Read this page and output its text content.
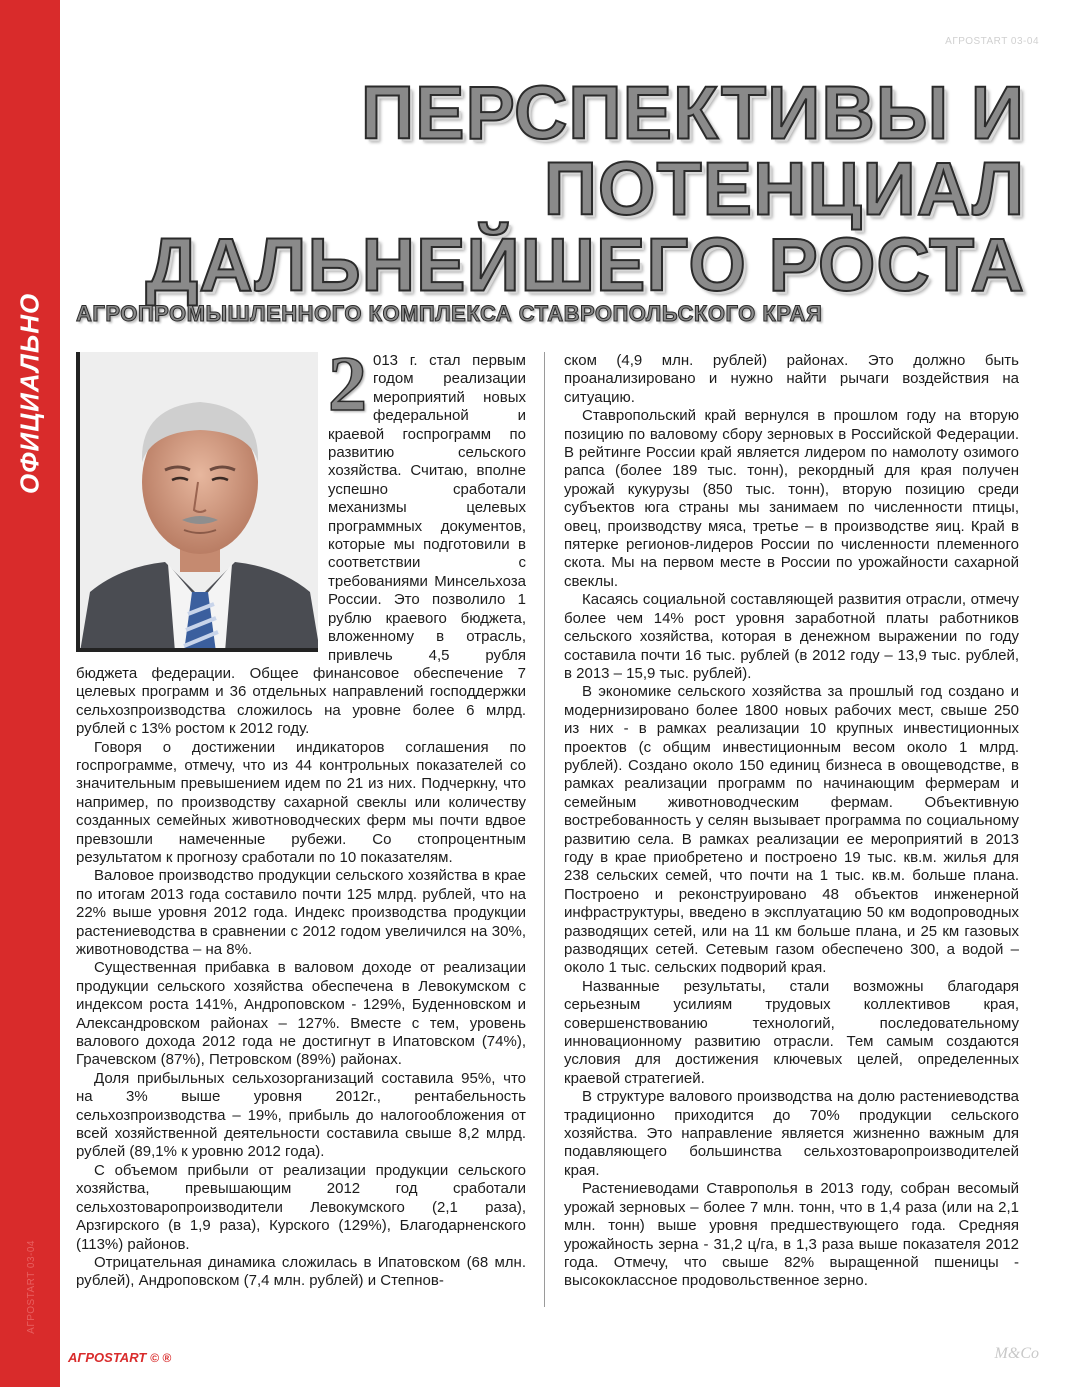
ОФИЦИАЛЬНО
АГРОSTART 03-04
АГРОSTART 03-04
ПЕРСПЕКТИВЫ И
ПОТЕНЦИАЛ
ДАЛЬНЕЙШЕГО РОСТА
АГРОПРОМЫШЛЕННОГО КОМПЛЕКСА СТАВРОПОЛЬСКОГО КРАЯ
2 013 г. стал первым годом реализации мероприятий новых федеральной и краевой госпрограмм по развитию сельского хозяйства. Считаю, вполне успешно сработали механизмы целевых программных документов, которые мы подготовили в соответствии с требованиями Минсельхоза России. Это позволило 1 рублю краевого бюджета, вложенному в отрасль, привлечь 4,5 рубля бюджета федерации. Общее финансовое обеспечение 7 целевых программ и 36 отдельных направлений господдержки сельхозпроизводства сложилось на уровне более 6 млрд. рублей с 13% ростом к 2012 году.

Говоря о достижении индикаторов соглашения по госпрограмме, отмечу, что из 44 контрольных показателей со значительным превышением идем по 21 из них. Подчеркну, что например, по производству сахарной свеклы или количеству созданных семейных животноводческих ферм мы почти вдвое превзошли намеченные рубежи. Со стопроцентным результатом к прогнозу сработали по 10 показателям.

Валовое производство продукции сельского хозяйства в крае по итогам 2013 года составило почти 125 млрд. рублей, что на 22% выше уровня 2012 года. Индекс производства продукции растениеводства в сравнении с 2012 годом увеличился на 30%, животноводства – на 8%.

Существенная прибавка в валовом доходе от реализации продукции сельского хозяйства обеспечена в Левокумском с индексом роста 141%, Андроповском - 129%, Буденновском и Александровском районах – 127%. Вместе с тем, уровень валового дохода 2012 года не достигнут в Ипатовском (74%), Грачевском (87%), Петровском (89%) районах.

Доля прибыльных сельхозорганизаций составила 95%, что на 3% выше уровня 2012г., рентабельность сельхозпроизводства – 19%, прибыль до налогообложения от всей хозяйственной деятельности составила свыше 8,2 млрд. рублей (89,1% к уровню 2012 года).

С объемом прибыли от реализации продукции сельского хозяйства, превышающим 2012 год сработали сельхозтоваропроизводители Левокумского (2,1 раза), Арзгирского (в 1,9 раза), Курского (129%), Благодарненского (113%) районов.

Отрицательная динамика сложилась в Ипатовском (68 млн. рублей), Андроповском (7,4 млн. рублей) и Степнов-

ском (4,9 млн. рублей) районах. Это должно быть проанализировано и нужно найти рычаги воздействия на ситуацию.

Ставропольский край вернулся в прошлом году на вторую позицию по валовому сбору зерновых в Российской Федерации. В рейтинге России край является лидером по намолоту озимого рапса (более 189 тыс. тонн), рекордный для края получен урожай кукурузы (850 тыс. тонн), вторую позицию среди субъектов юга страны мы занимаем по численности птицы, овец, производству мяса, третье – в производстве яиц. Край в пятерке регионов-лидеров России по численности племенного скота. Мы на первом месте в России по урожайности сахарной свеклы.

Касаясь социальной составляющей развития отрасли, отмечу более чем 14% рост уровня заработной платы работников сельского хозяйства, которая в денежном выражении по году составила почти 16 тыс. рублей (в 2012 году – 13,9 тыс. рублей, в 2013 – 15,9 тыс. рублей).

В экономике сельского хозяйства за прошлый год создано и модернизировано более 1800 новых рабочих мест, свыше 250 из них - в рамках реализации 10 крупных инвестиционных проектов (с общим инвестиционным весом около 1 млрд. рублей). Создано около 150 единиц бизнеса в овощеводстве, в рамках реализации программ по начинающим фермерам и семейным животноводческим фермам. Объективную востребованность у селян вызывает программа по социальному развитию села. В рамках реализации ее мероприятий в 2013 году в крае приобретено и построено 19 тыс. кв.м. жилья для 238 сельских семей, что почти на 1 тыс. кв.м. больше плана. Построено и реконструировано 48 объектов инженерной инфраструктуры, введено в эксплуатацию 50 км водопроводных разводящих сетей, или на 11 км больше плана, и 25 км газовых разводящих сетей. Сетевым газом обеспечено 300, а водой – около 1 тыс. сельских подворий края.

Названные результаты, стали возможны благодаря серьезным усилиям трудовых коллективов края, совершенствованию технологий, последовательному инновационному развитию отрасли. Тем самым создаются условия для достижения ключевых целей, определенных краевой стратегией.

В структуре валового производства на долю растениеводства традиционно приходится до 70% продукции сельского хозяйства. Это направление является жизненно важным для подавляющего большинства сельхозтоваропроизводителей края.

Растениеводами Ставрополья в 2013 году, собран весомый урожай зерновых – более 7 млн. тонн, что в 1,4 раза (или на 2,1 млн. тонн) выше уровня предшествующего года. Средняя урожайность зерна - 31,2 ц/га, в 1,3 раза выше показателя 2012 года. Отмечу, что свыше 82% выращенной пшеницы - высококлассное продовольственное зерно.

АГРОSTART © ®	M&Co
